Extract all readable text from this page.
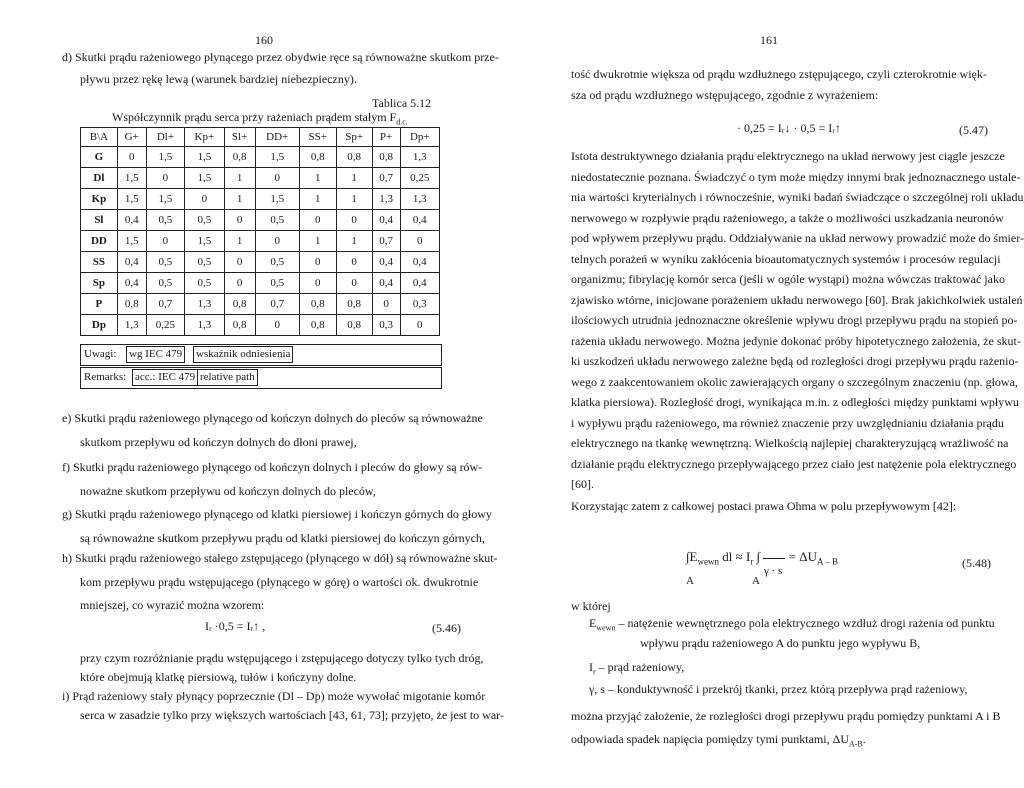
160
d) Skutki prądu rażeniowego płynącego przez obydwie ręce są równoważne skutkom prze-
pływu przez rękę lewą (warunek bardziej niebezpieczny).
Tablica 5.12
Współczynnik prądu serca przy rażeniach prądem stałym $F_{d.c.}$
B\A	G+	Dl+	Kp+	Sl+	DD+	SS+	Sp+	P+	Dp+
G	0	1,5	1,5	0,8	1,5	0,8	0,8	0,8	1,3
Dl	1,5	0	1,5	1	0	1	1	0,7	0,25
Kp	1,5	1,5	0	1	1,5	1	1	1,3	1,3
Sl	0,4	0,5	0,5	0	0,5	0	0	0,4	0,4
DD	1,5	0	1,5	1	0	1	1	0,7	0
SS	0,4	0,5	0,5	0	0,5	0	0	0,4	0,4
Sp	0,4	0,5	0,5	0	0,5	0	0	0,4	0,4
P	0,8	0,7	1,3	0,8	0,7	0,8	0,8	0	0,3
Dp	1,3	0,25	1,3	0,8	0	0,8	0,8	0,3	0
Uwagi: wg IEC 479 wskaźnik odniesienia
Remarks: acc.: IEC 479 relative path
e) Skutki prądu rażeniowego płynącego od kończyn dolnych do pleców są równoważne
skutkom przepływu od kończyn dolnych do dłoni prawej,
f) Skutki prądu rażeniowego płynącego od kończyn dolnych i pleców do głowy są rów-
noważne skutkom przepływu od kończyn dolnych do pleców,
g) Skutki prądu rażeniowego płynącego od klatki piersiowej i kończyn górnych do głowy
są równoważne skutkom przepływu prądu od klatki piersiowej do kończyn górnych,
h) Skutki prądu rażeniowego stałego zstępującego (płynącego w dół) są równoważne skut-
kom przepływu prądu wstępującego (płynącego w górę) o wartości ok. dwukrotnie
mniejszej, co wyrazić można wzorem:
przy czym rozróżnianie prądu wstępującego i zstępującego dotyczy tylko tych dróg,
które obejmują klatkę piersiową, tułów i kończyny dolne.
i) Prąd rażeniowy stały płynący poprzecznie (Dl – Dp) może wywołać migotanie komór
serca w zasadzie tylko przy większych wartościach [43, 61, 73]; przyjęto, że jest to war-
Iᵣ ·0,5 = Iᵣ↑ ,	(5.46)
161
tość dwukrotnie większa od prądu wzdłużnego zstępującego, czyli czterokrotnie więk-
sza od prądu wzdłużnego wstępującego, zgodnie z wyrażeniem:
· 0,25 = Iᵣ↓ · 0,5 = Iᵣ↑	(5.47)
Istota destruktywnego działania prądu elektrycznego na układ nerwowy jest ciągle jeszcze
niedostatecznie poznana. Świadczyć o tym może między innymi brak jednoznacznego ustale-
nia wartości kryterialnych i równocześnie, wyniki badań świadczące o szczególnej roli układu
nerwowego w rozpływie prądu rażeniowego, a także o możliwości uszkadzania neuronów
pod wpływem przepływu prądu. Oddziaływanie na układ nerwowy prowadzić może do śmier-
telnych porażeń w wyniku zakłócenia bioautomatycznych systemów i procesów regulacji
organizmu; fibrylację komór serca (jeśli w ogóle wystąpi) można wówczas traktować jako
zjawisko wtórne, inicjowane porażeniem układu nerwowego [60]. Brak jakichkolwiek ustaleń
ilościowych utrudnia jednoznaczne określenie wpływu drogi przepływu prądu na stopień po-
rażenia układu nerwowego. Można jedynie dokonać próby hipotetycznego założenia, że skut-
ki uszkodzeń układu nerwowego zależne będą od rozległości drogi przepływu prądu rażenio-
wego z zaakcentowaniem okolic zawierających organy o szczególnym znaczeniu (np. głowa,
klatka piersiowa). Rozległość drogi, wynikająca m.in. z odległości między punktami wpływu
i wypływu prądu rażeniowego, ma również znaczenie przy uwzględnianiu działania prądu
elektrycznego na tkankę wewnętrzną. Wielkością najlepiej charakteryzującą wrażliwość na
działanie prądu elektrycznego przepływającego przez ciało jest natężenie pola elektrycznego
[60].
Korzystając zatem z całkowej postaci prawa Ohma w polu przepływowym [42]:
$\int E_{wewn}$ dl ≈ $I_r$ ∫ = $\Delta U_{A - B}$
γ · s
A	A
(5.48)
w której
$E_{wewn}$ – natężenie wewnętrznego pola elektrycznego wzdłuż drogi rażenia od punktu
wpływu prądu rażeniowego A do punktu jego wypływu B,
$I_r$ – prąd rażeniowy,
γ, s – konduktywność i przekrój tkanki, przez którą przepływa prąd rażeniowy,
można przyjąć założenie, że rozległości drogi przepływu prądu pomiędzy punktami A i B
odpowiada spadek napięcia pomiędzy tymi punktami, $\Delta U_{A-B}$.
